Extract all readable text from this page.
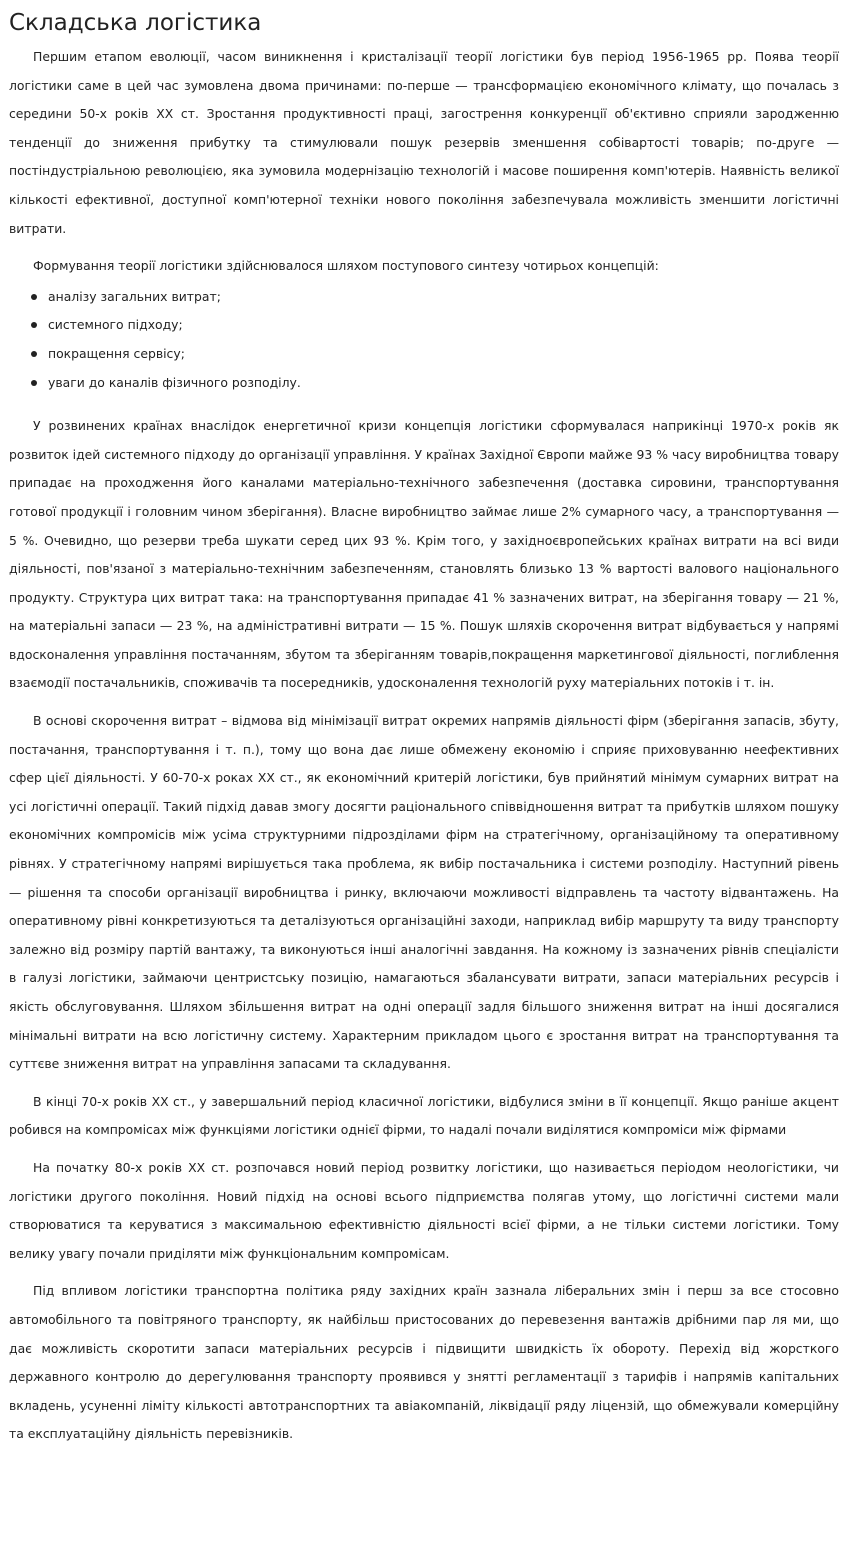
Складська логістика

Першим етапом еволюції, часом виникнення і кристалізації теорії логістики був період 1956-1965 рр. Поява теорії логістики саме в цей час зумовлена двома причинами: по-перше — трансформацією економічного клімату, що почалась з середини 50-х років XX ст. Зростання продуктивності праці, загострення конкуренції об'єктивно сприяли зародженню тенденції до зниження прибутку та стимулювали пошук резервів зменшення собівартості товарів; по-друге — постіндустріальною революцією, яка зумовила модернізацію технологій і масове поширення комп'ютерів. Наявність великої кількості ефективної, доступної комп'ютерної техніки нового покоління забезпечувала можливість зменшити логістичні витрати.

Формування теорії логістики здійснювалося шляхом поступового синтезу чотирьох концепцій:

аналізу загальних витрат;
системного підходу;
покращення сервісу;
уваги до каналів фізичного розподілу.

У розвинених країнах внаслідок енергетичної кризи концепція логістики сформувалася наприкінці 1970-х років як розвиток ідей системного підходу до організації управління. У країнах Західної Європи майже 93 % часу виробництва товару припадає на проходження його каналами матеріально-технічного забезпечення (доставка сировини, транспортування готової продукції і головним чином зберігання). Власне виробництво займає лише 2% сумарного часу, а транспортування — 5 %. Очевидно, що резерви треба шукати серед цих 93 %. Крім того, у західноєвропейських країнах витрати на всі види діяльності, пов'язаної з матеріально-технічним забезпеченням, становлять близько 13 % вартості валового національного продукту. Структура цих витрат така: на транспортування припадає 41 % зазначених витрат, на зберігання товару — 21 %, на матеріальні запаси — 23 %, на адміністративні витрати — 15 %. Пошук шляхів скорочення витрат відбувається у напрямі вдосконалення управління постачанням, збутом та зберіганням товарів,покращення маркетингової діяльності, поглиблення взаємодії постачальників, споживачів та посередників, удосконалення технологій руху матеріальних потоків і т. ін.

В основі скорочення витрат – відмова від мінімізації витрат окремих напрямів діяльності фірм (зберігання запасів, збуту, постачання, транспортування і т. п.), тому що вона дає лише обмежену економію і сприяє приховуванню неефективних сфер цієї діяльності. У 60-70-х роках XX ст., як економічний критерій логістики, був прийнятий мінімум сумарних витрат на усі логістичні операції. Такий підхід давав змогу досягти раціонального співвідношення витрат та прибутків шляхом пошуку економічних компромісів між усіма структурними підрозділами фірм на стратегічному, організаційному та оперативному рівнях. У стратегічному напрямі вирішується така проблема, як вибір постачальника і системи розподілу. Наступний рівень — рішення та способи організації виробництва і ринку, включаючи можливості відправлень та частоту відвантажень. На оперативному рівні конкретизуються та деталізуються організаційні заходи, наприклад вибір маршруту та виду транспорту залежно від розміру партій вантажу, та виконуються інші аналогічні завдання. На кожному із зазначених рівнів спеціалісти в галузі логістики, займаючи центристську позицію, намагаються збалансувати витрати, запаси матеріальних ресурсів і якість обслуговування. Шляхом збільшення витрат на одні операції задля більшого зниження витрат на інші досягалися мінімальні витрати на всю логістичну систему. Характерним прикладом цього є зростання витрат на транспортування та суттєве зниження витрат на управління запасами та складування.

В кінці 70-х років XX ст., у завершальний період класичної логістики, відбулися зміни в її концепції. Якщо раніше акцент робився на компромісах між функціями логістики однієї фірми, то надалі почали виділятися компроміси між фірмами

На початку 80-х років XX ст. розпочався новий період розвитку логістики, що називається періодом неологістики, чи логістики другого покоління. Новий підхід на основі всього підприємства полягав утому, що логістичні системи мали створюватися та керуватися з максимальною ефективністю діяльності всієї фірми, а не тільки системи логістики. Тому велику увагу почали приділяти між функціональним компромісам.

Під впливом логістики транспортна політика ряду західних країн зазнала ліберальних змін і перш за все стосовно автомобільного та повітряного транспорту, як найбільш пристосованих до перевезення вантажів дрібними пар ля ми, що дає можливість скоротити запаси матеріальних ресурсів і підвищити швидкість їх обороту. Перехід від жорсткого державного контролю до дерегулювання транспорту проявився у знятті регламентації з тарифів і напрямів капітальних вкладень, усуненні ліміту кількості автотранспортних та авіакомпаній, ліквідації ряду ліцензій, що обмежували комерційну та експлуатаційну діяльність перевізників.
